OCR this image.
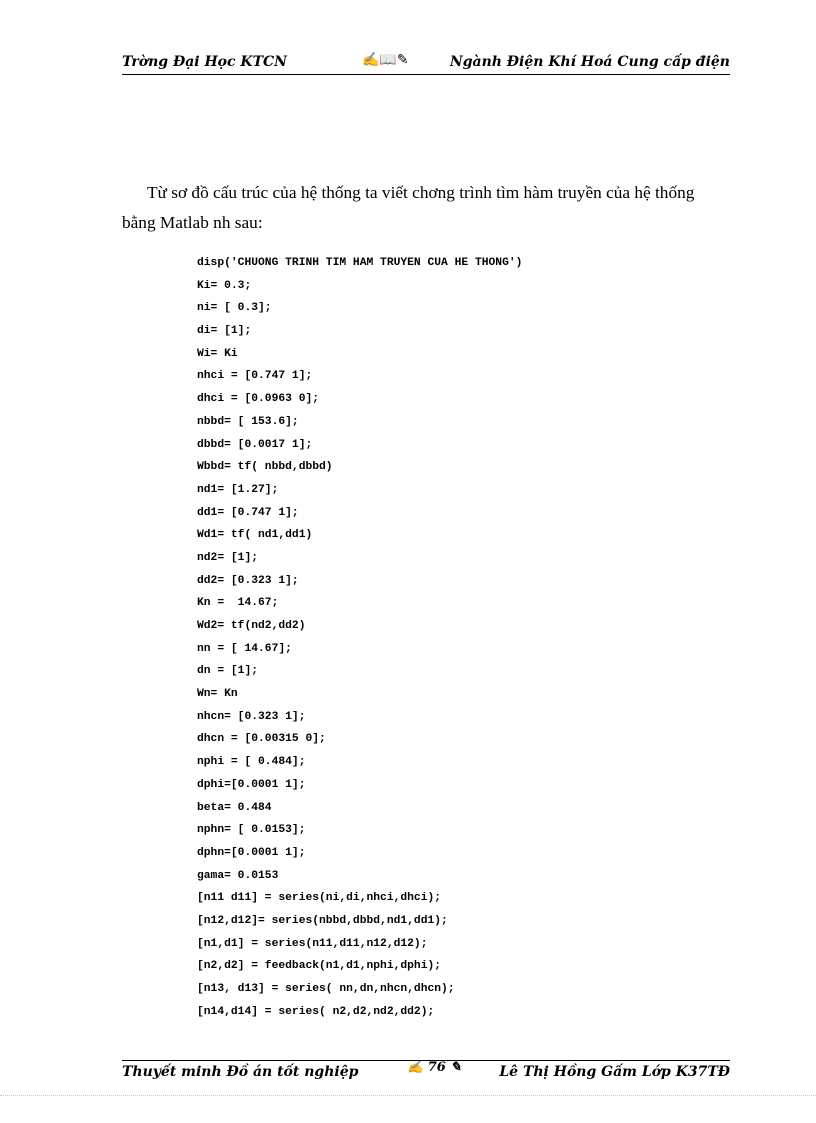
Trờng Đại Học KTCN	✍📖✎	Ngành Điện Khí Hoá Cung cấp điện
Từ sơ đồ cấu trúc của hệ thống ta viết chơng trình tìm hàm truyền của hệ thống bằng Matlab nh sau:
disp('CHUONG TRINH TIM HAM TRUYEN CUA HE THONG')
Ki= 0.3;
ni= [ 0.3];
di= [1];
Wi= Ki
nhci = [0.747 1];
dhci = [0.0963 0];
nbbd= [ 153.6];
dbbd= [0.0017 1];
Wbbd= tf( nbbd,dbbd)
nd1= [1.27];
dd1= [0.747 1];
Wd1= tf( nd1,dd1)
nd2= [1];
dd2= [0.323 1];
Kn =  14.67;
Wd2= tf(nd2,dd2)
nn = [ 14.67];
dn = [1];
Wn= Kn
nhcn= [0.323 1];
dhcn = [0.00315 0];
nphi = [ 0.484];
dphi=[0.0001 1];
beta= 0.484
nphn= [ 0.0153];
dphn=[0.0001 1];
gama= 0.0153
[n11 d11] = series(ni,di,nhci,dhci);
[n12,d12]= series(nbbd,dbbd,nd1,dd1);
[n1,d1] = series(n11,d11,n12,d12);
[n2,d2] = feedback(n1,d1,nphi,dphi);
[n13, d13] = series( nn,dn,nhcn,dhcn);
[n14,d14] = series( n2,d2,nd2,dd2);
Thuyết minh Đồ án tốt nghiệp	✍ 76 ✎	Lê Thị Hồng Gấm Lớp K37TĐ
